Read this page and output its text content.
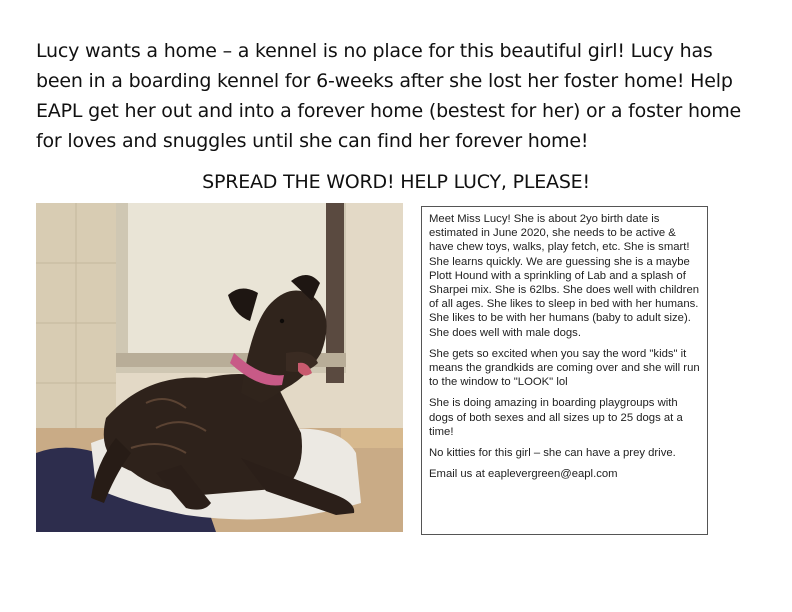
Lucy wants a home – a kennel is no place for this beautiful girl! Lucy has
been in a boarding kennel for 6-weeks after she lost her foster home! Help
EAPL get her out and into a forever home (bestest for her) or a foster home
for loves and snuggles until she can find her forever home!
SPREAD THE WORD! HELP LUCY, PLEASE!

Meet Miss Lucy! She is about 2yo birth date is estimated in June 2020, she needs to be active & have chew toys, walks, play fetch, etc. She is smart! She learns quickly. We are guessing she is a maybe Plott Hound with a sprinkling of Lab and a splash of Sharpei mix. She is 62lbs. She does well with children of all ages. She likes to sleep in bed with her humans. She likes to be with her humans (baby to adult size). She does well with male dogs.

She gets so excited when you say the word "kids" it means the grandkids are coming over and she will run to the window to "LOOK" lol

She is doing amazing in boarding playgroups with dogs of both sexes and all sizes up to 25 dogs at a time!

No kitties for this girl – she can have a prey drive.

Email us at eaplevergreen@eapl.com
